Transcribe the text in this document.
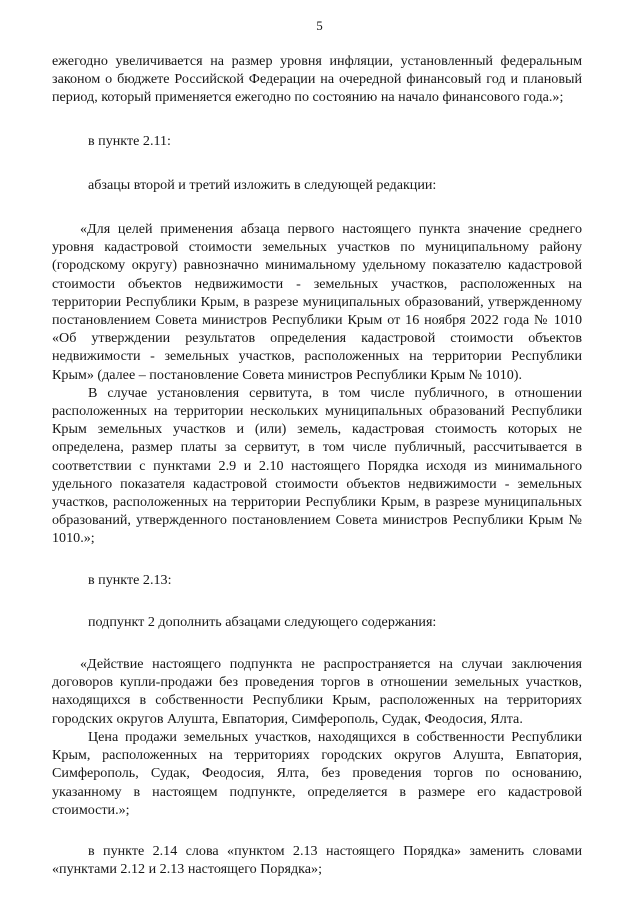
5

ежегодно увеличивается на размер уровня инфляции, установленный федеральным законом о бюджете Российской Федерации на очередной финансовый год и плановый период, который применяется ежегодно по состоянию на начало финансового года.»;

в пункте 2.11:

абзацы второй и третий изложить в следующей редакции:

«Для целей применения абзаца первого настоящего пункта значение среднего уровня кадастровой стоимости земельных участков по муниципальному району (городскому округу) равнозначно минимальному удельному показателю кадастровой стоимости объектов недвижимости - земельных участков, расположенных на территории Республики Крым, в разрезе муниципальных образований, утвержденному постановлением Совета министров Республики Крым от 16 ноября 2022 года № 1010 «Об утверждении результатов определения кадастровой стоимости объектов недвижимости - земельных участков, расположенных на территории Республики Крым» (далее – постановление Совета министров Республики Крым № 1010).

В случае установления сервитута, в том числе публичного, в отношении расположенных на территории нескольких муниципальных образований Республики Крым земельных участков и (или) земель, кадастровая стоимость которых не определена, размер платы за сервитут, в том числе публичный, рассчитывается в соответствии с пунктами 2.9 и 2.10 настоящего Порядка исходя из минимального удельного показателя кадастровой стоимости объектов недвижимости - земельных участков, расположенных на территории Республики Крым, в разрезе муниципальных образований, утвержденного постановлением Совета министров Республики Крым № 1010.»;

в пункте 2.13:

подпункт 2 дополнить абзацами следующего содержания:

«Действие настоящего подпункта не распространяется на случаи заключения договоров купли-продажи без проведения торгов в отношении земельных участков, находящихся в собственности Республики Крым, расположенных на территориях городских округов Алушта, Евпатория, Симферополь, Судак, Феодосия, Ялта.

Цена продажи земельных участков, находящихся в собственности Республики Крым, расположенных на территориях городских округов Алушта, Евпатория, Симферополь, Судак, Феодосия, Ялта, без проведения торгов по основанию, указанному в настоящем подпункте, определяется в размере его кадастровой стоимости.»;

в пункте 2.14 слова «пунктом 2.13 настоящего Порядка» заменить словами «пунктами 2.12 и 2.13 настоящего Порядка»;
